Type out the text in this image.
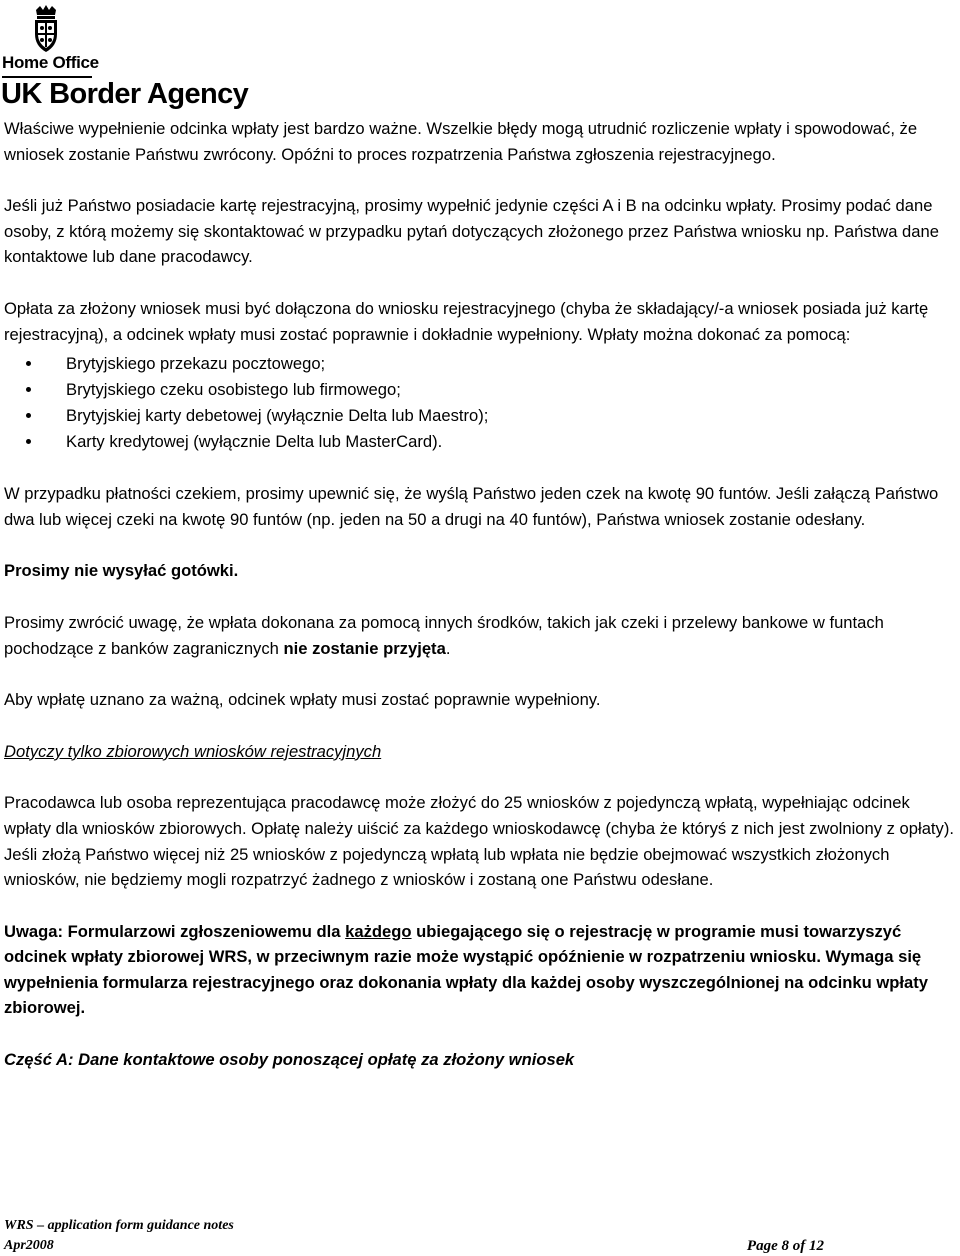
Home Office
UK Border Agency

Właściwe wypełnienie odcinka wpłaty jest bardzo ważne. Wszelkie błędy mogą utrudnić rozliczenie wpłaty i spowodować, że wniosek zostanie Państwu zwrócony. Opóźni to proces rozpatrzenia Państwa zgłoszenia rejestracyjnego.

Jeśli już Państwo posiadacie kartę rejestracyjną, prosimy wypełnić jedynie części A i B na odcinku wpłaty. Prosimy podać dane osoby, z którą możemy się skontaktować w przypadku pytań dotyczących złożonego przez Państwa wniosku np. Państwa dane kontaktowe lub dane pracodawcy.

Opłata za złożony wniosek musi być dołączona do wniosku rejestracyjnego (chyba że składający/-a wniosek posiada już kartę rejestracyjną), a odcinek wpłaty musi zostać poprawnie i dokładnie wypełniony. Wpłaty można dokonać za pomocą:

Brytyjskiego przekazu pocztowego;
Brytyjskiego czeku osobistego lub firmowego;
Brytyjskiej karty debetowej (wyłącznie Delta lub Maestro);
Karty kredytowej (wyłącznie Delta lub MasterCard).

W przypadku płatności czekiem, prosimy upewnić się, że wyślą Państwo jeden czek na kwotę 90 funtów. Jeśli załączą Państwo dwa lub więcej czeki na kwotę 90 funtów (np. jeden na 50 a drugi na 40 funtów), Państwa wniosek zostanie odesłany.

Prosimy nie wysyłać gotówki.

Prosimy zwrócić uwagę, że wpłata dokonana za pomocą innych środków, takich jak czeki i przelewy bankowe w funtach pochodzące z banków zagranicznych nie zostanie przyjęta.

Aby wpłatę uznano za ważną, odcinek wpłaty musi zostać poprawnie wypełniony.

Dotyczy tylko zbiorowych wniosków rejestracyjnych

Pracodawca lub osoba reprezentująca pracodawcę może złożyć do 25 wniosków z pojedynczą wpłatą, wypełniając odcinek wpłaty dla wniosków zbiorowych. Opłatę należy uiścić za każdego wnioskodawcę (chyba że któryś z nich jest zwolniony z opłaty). Jeśli złożą Państwo więcej niż 25 wniosków z pojedynczą wpłatą lub wpłata nie będzie obejmować wszystkich złożonych wniosków, nie będziemy mogli rozpatrzyć żadnego z wniosków i zostaną one Państwu odesłane.

Uwaga: Formularzowi zgłoszeniowemu dla każdego ubiegającego się o rejestrację w programie musi towarzyszyć odcinek wpłaty zbiorowej WRS, w przeciwnym razie może wystąpić opóźnienie w rozpatrzeniu wniosku. Wymaga się wypełnienia formularza rejestracyjnego oraz dokonania wpłaty dla każdej osoby wyszczególnionej na odcinku wpłaty zbiorowej.

Część A: Dane kontaktowe osoby ponoszącej opłatę za złożony wniosek

WRS – application form guidance notes
Apr2008	Page 8 of 12
